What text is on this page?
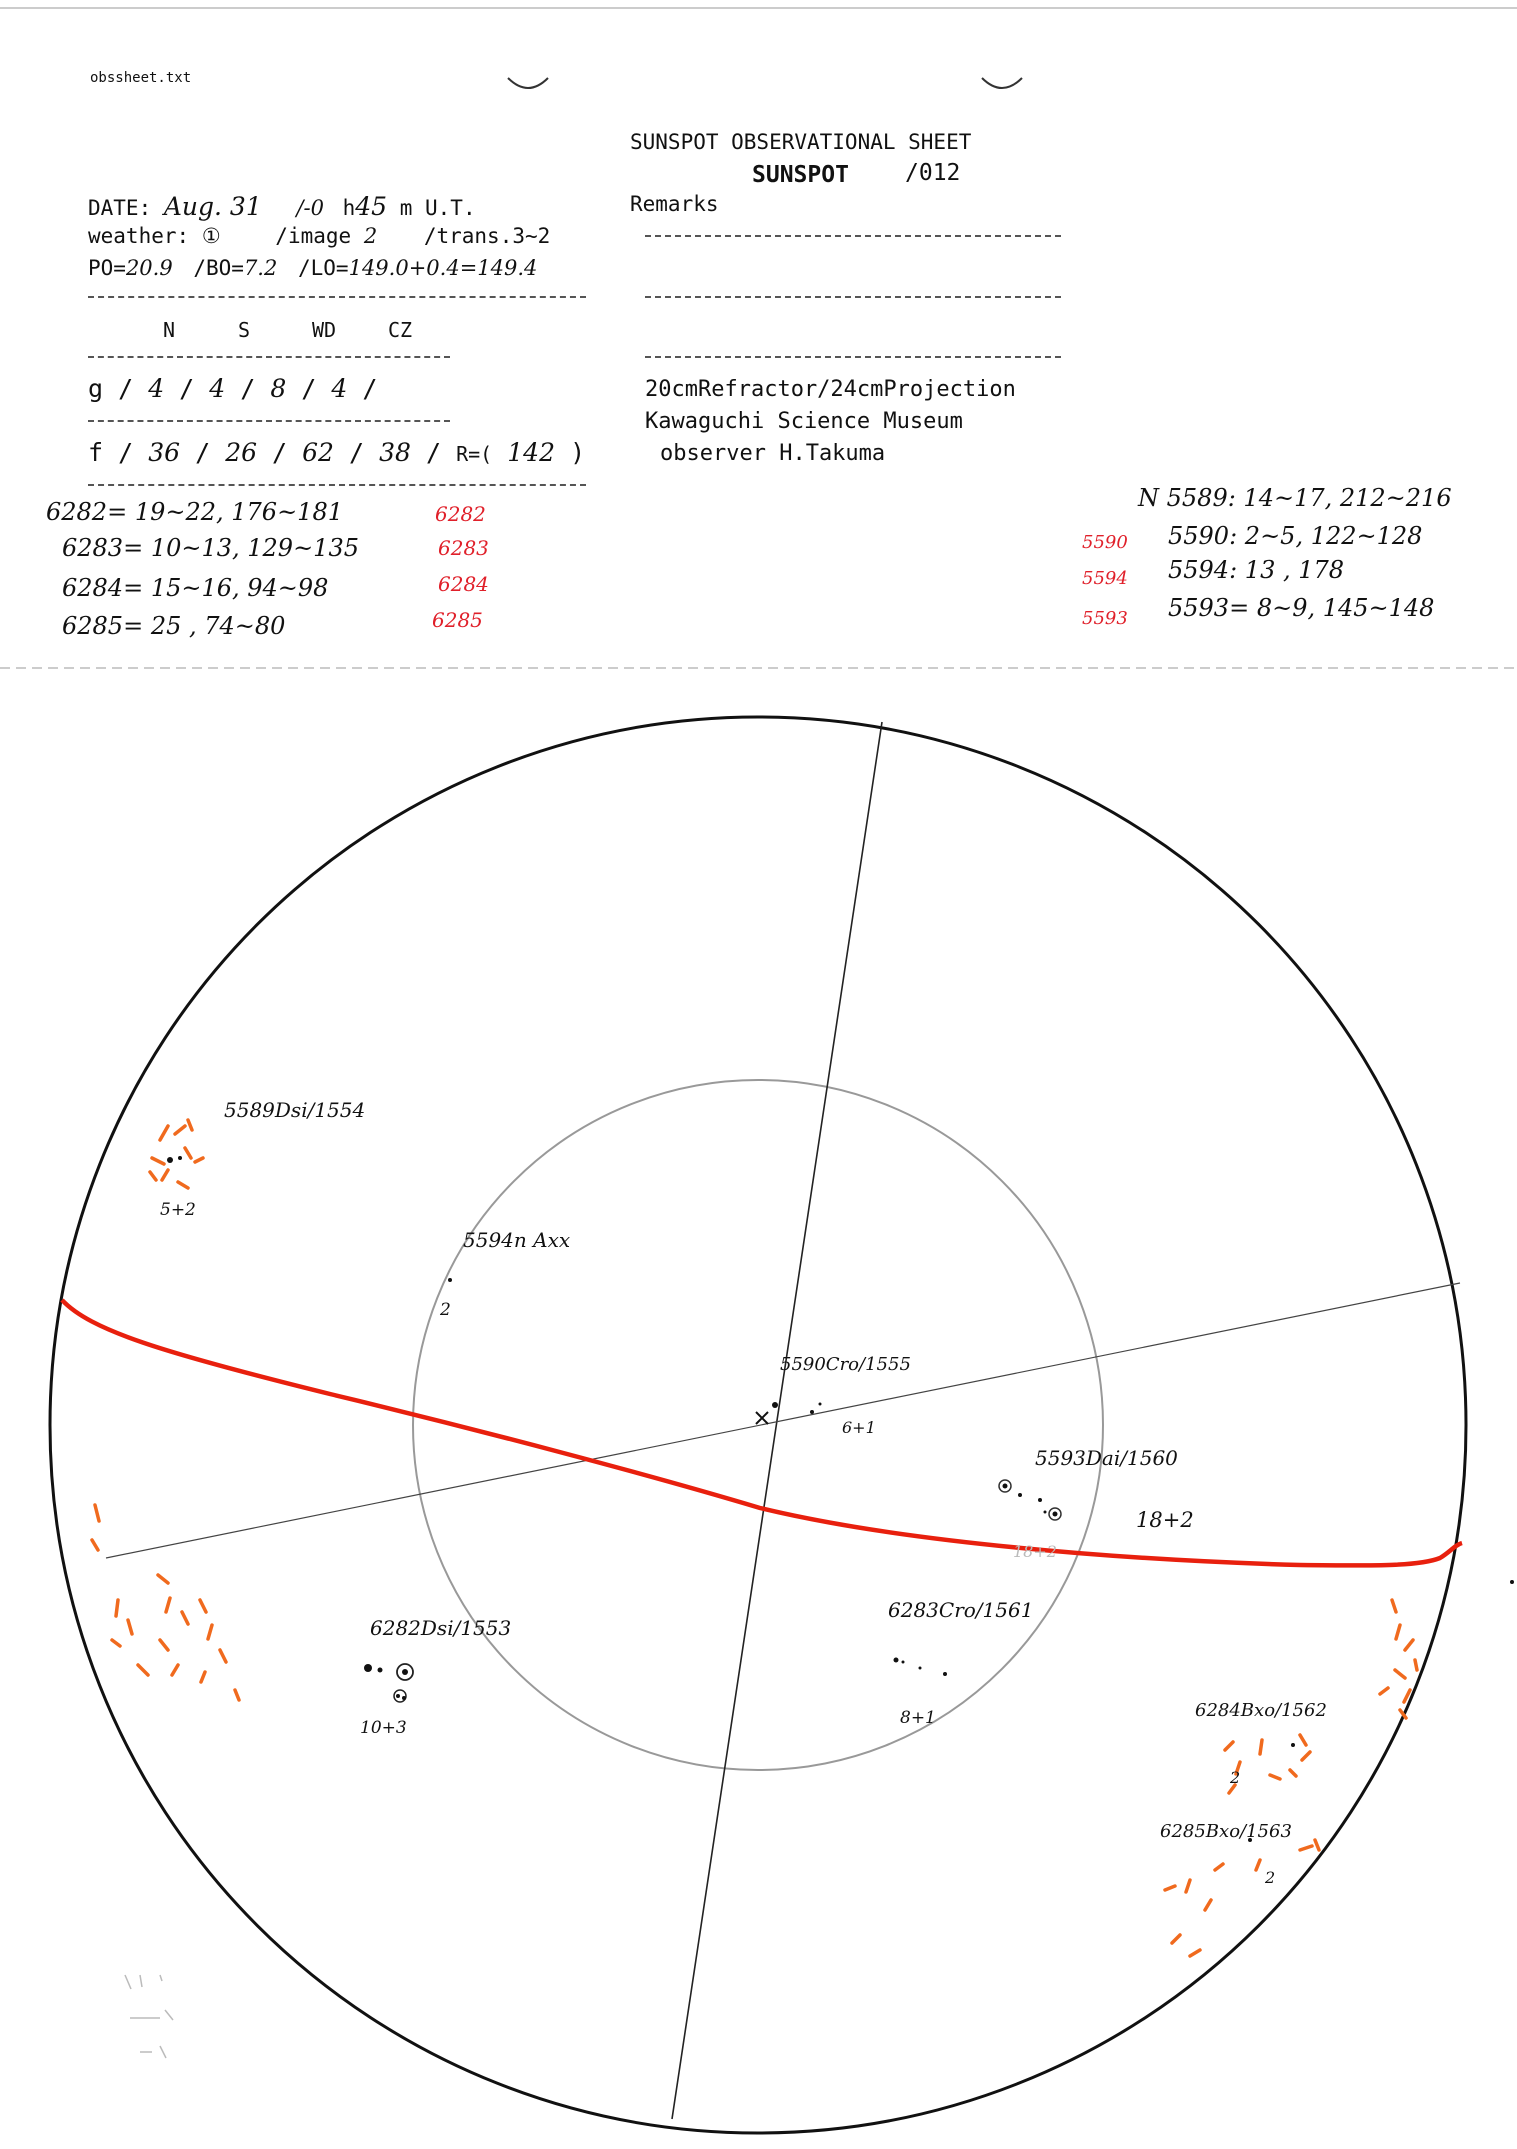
obssheet.txt
SUNSPOT OBSERVATIONAL SHEET
SUNSPOT /012
DATE: Aug. 31 /-0 h45 m U.T.
weather: ①	/image 2 /trans.3~2
PO=20.9 /BO=7.2 /LO=149.0+0.4=149.4
N	S	WD	CZ
g / 4 / 4 / 8 / 4 /
f / 36 / 26 / 62 / 38 / R=( 142 )
Remarks
20cmRefractor/24cmProjection
Kawaguchi Science Museum
observer H.Takuma
6282= 19~22, 176~181	6282
6283= 10~13, 129~135	6283
6284= 15~16, 94~98	6284
6285= 25 , 74~80	6285
N 5589: 14~17, 212~216
5590 5590: 2~5, 122~128
5594 5594: 13 , 178
5593 5593= 8~9, 145~148
5589Dsi/1554
5+2
5594n Axx
2
5590Cro/1555
6+1
5593Dai/1560
18+2
18+2
6282Dsi/1553
10+3
6283Cro/1561
8+1	6284Bxo/1562
2
6285Bxo/1563
2
